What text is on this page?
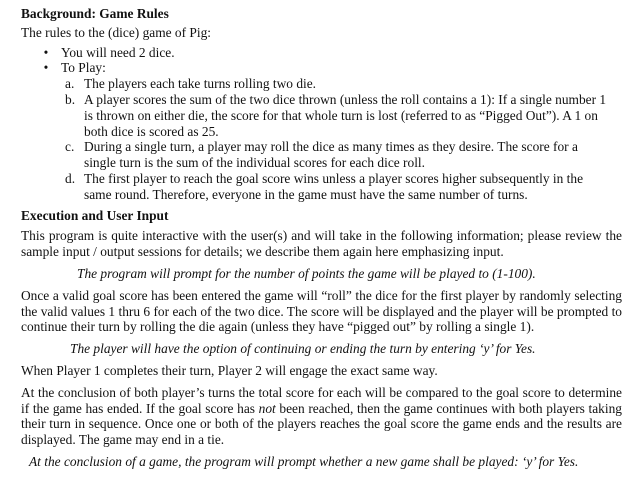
Background: Game Rules

The rules to the (dice) game of Pig:

• You will need 2 dice.
• To Play:
a. The players each take turns rolling two die.
b. A player scores the sum of the two dice thrown (unless the roll contains a 1): If a single number 1 is thrown on either die, the score for that whole turn is lost (referred to as “Pigged Out”). A 1 on both dice is scored as 25.
c. During a single turn, a player may roll the dice as many times as they desire. The score for a single turn is the sum of the individual scores for each dice roll.
d. The first player to reach the goal score wins unless a player scores higher subsequently in the same round. Therefore, everyone in the game must have the same number of turns.

Execution and User Input

This program is quite interactive with the user(s) and will take in the following information; please review the sample input / output sessions for details; we describe them again here emphasizing input.

The program will prompt for the number of points the game will be played to (1-100).

Once a valid goal score has been entered the game will “roll” the dice for the first player by randomly selecting the valid values 1 thru 6 for each of the two dice. The score will be displayed and the player will be prompted to continue their turn by rolling the die again (unless they have “pigged out” by rolling a single 1).

The player will have the option of continuing or ending the turn by entering ‘y’ for Yes.

When Player 1 completes their turn, Player 2 will engage the exact same way.

At the conclusion of both player’s turns the total score for each will be compared to the goal score to determine if the game has ended. If the goal score has not been reached, then the game continues with both players taking their turn in sequence. Once one or both of the players reaches the goal score the game ends and the results are displayed. The game may end in a tie.

At the conclusion of a game, the program will prompt whether a new game shall be played: ‘y’ for Yes.
